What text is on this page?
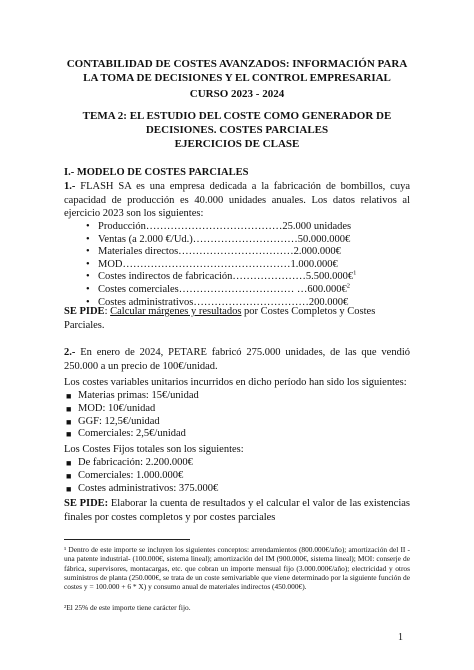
CONTABILIDAD DE COSTES AVANZADOS: INFORMACIÓN PARA
LA TOMA DE DECISIONES Y EL CONTROL EMPRESARIAL
CURSO 2023 - 2024
TEMA 2: EL ESTUDIO DEL COSTE COMO GENERADOR DE
DECISIONES. COSTES PARCIALES
EJERCICIOS DE CLASE
I.- MODELO DE COSTES PARCIALES
1.- FLASH SA es una empresa dedicada a la fabricación de bombillos, cuya capacidad de producción es 40.000 unidades anuales. Los datos relativos al ejercicio 2023 son los siguientes:
• Producción…………………………………25.000 unidades
• Ventas (a 2.000 €/Ud.)…………………………50.000.000€
• Materiales directos……………………………2.000.000€
• MOD…………………………………………1.000.000€
• Costes indirectos de fabricación…………………5.500.000€$^1$
• Costes comerciales…………………………… …600.000€$^2$
• Costes administrativos……………………………200.000€
SE PIDE: Calcular márgenes y resultados por Costes Completos y Costes Parciales.
2.- En enero de 2024, PETARE fabricó 275.000 unidades, de las que vendió 250.000 a un precio de 100€/unidad.
Los costes variables unitarios incurridos en dicho período han sido los siguientes:
■ Materias primas: 15€/unidad
■ MOD: 10€/unidad
■ GGF: 12,5€/unidad
■ Comerciales: 2,5€/unidad
Los Costes Fijos totales son los siguientes:
■ De fabricación: 2.200.000€
■ Comerciales: 1.000.000€
■ Costes administrativos: 375.000€
SE PIDE: Elaborar la cuenta de resultados y el calcular el valor de las existencias finales por costes completos y por costes parciales
¹ Dentro de este importe se incluyen los siguientes conceptos: arrendamientos (800.000€/año); amortización del II - una patente industrial- (100.000€, sistema lineal); amortización del IM (900.000€, sistema lineal); MOI: conserje de fábrica, supervisores, montacargas, etc. que cobran un importe mensual fijo (3.000.000€/año); electricidad y otros suministros de planta (250.000€, se trata de un coste semivariable que viene determinado por la siguiente función de costes y = 100.000 + 6 * X) y consumo anual de materiales indirectos (450.000€).
²El 25% de este importe tiene carácter fijo.
1
